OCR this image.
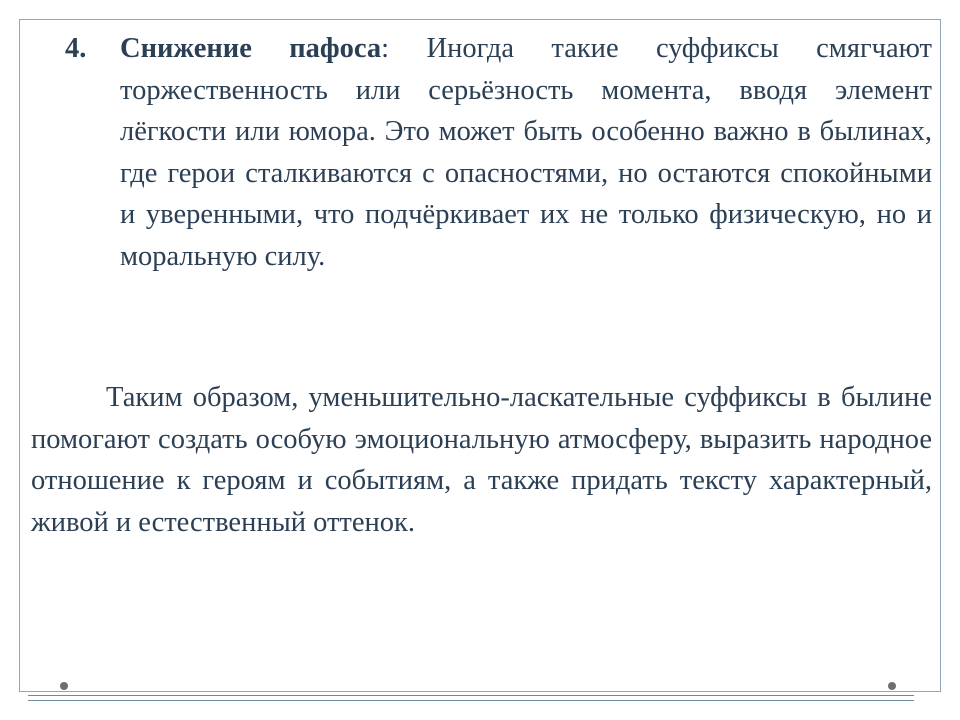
4. Снижение пафоса: Иногда такие суффиксы смягчают торжественность или серьёзность момента, вводя элемент лёгкости или юмора. Это может быть особенно важно в былинах, где герои сталкиваются с опасностями, но остаются спокойными и уверенными, что подчёркивает их не только физическую, но и моральную силу.

Таким образом, уменьшительно-ласкательные суффиксы в былине помогают создать особую эмоциональную атмосферу, выразить народное отношение к героям и событиям, а также придать тексту характерный, живой и естественный оттенок.
